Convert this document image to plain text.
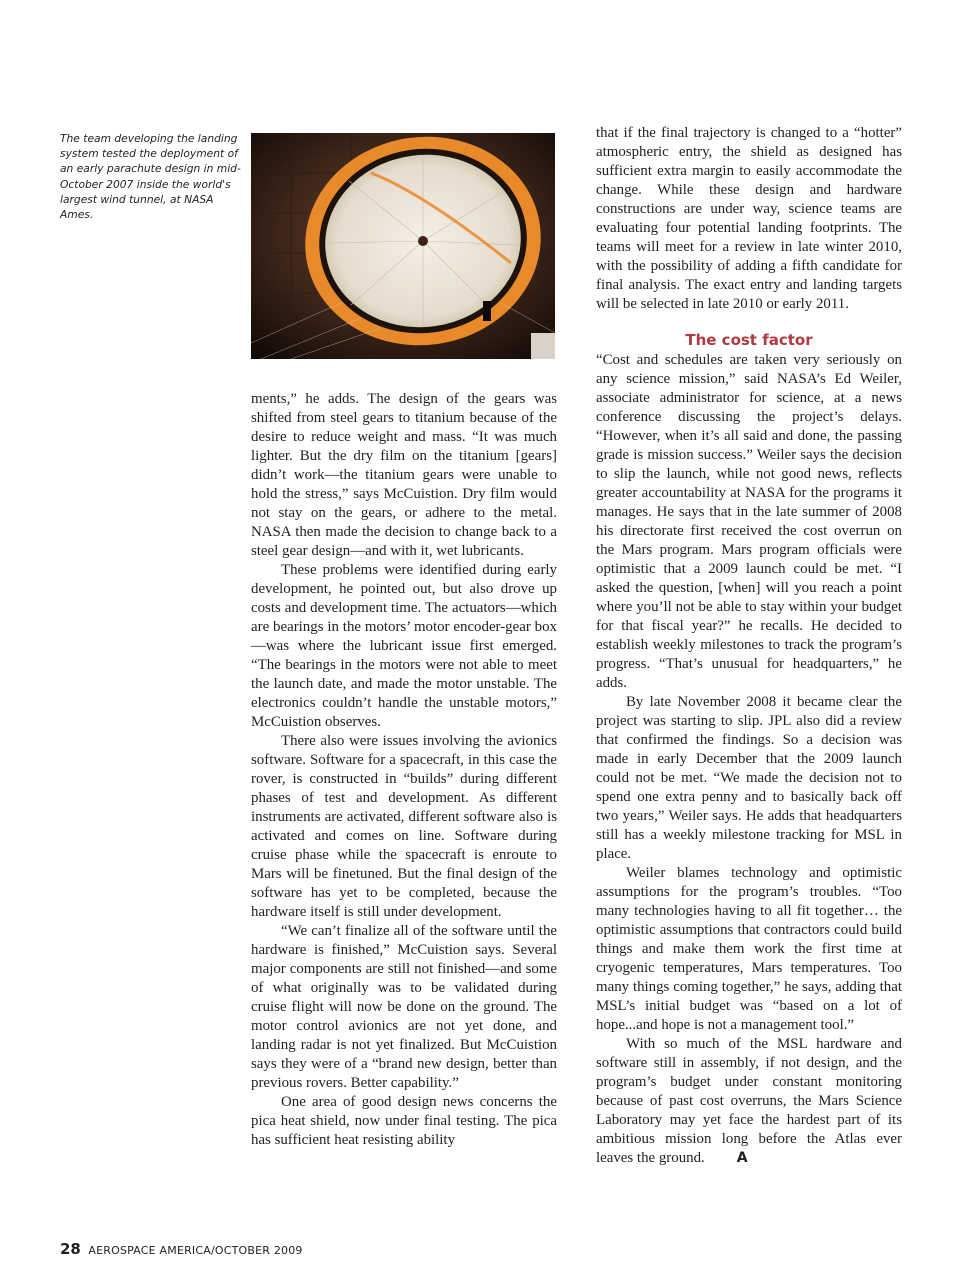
The team developing the landing system tested the deployment of an early parachute design in mid-October 2007 inside the world's largest wind tunnel, at NASA Ames.

ments,” he adds. The design of the gears was shifted from steel gears to titanium because of the desire to reduce weight and mass. “It was much lighter. But the dry film on the titanium [gears] didn’t work—the titanium gears were unable to hold the stress,” says McCuistion. Dry film would not stay on the gears, or adhere to the metal. NASA then made the decision to change back to a steel gear design—and with it, wet lubricants.

These problems were identified during early development, he pointed out, but also drove up costs and development time. The actuators—which are bearings in the motors’ motor encoder-gear box—was where the lubricant issue first emerged. “The bearings in the motors were not able to meet the launch date, and made the motor unstable. The electronics couldn’t handle the unstable motors,” McCuistion observes.

There also were issues involving the avionics software. Software for a spacecraft, in this case the rover, is constructed in “builds” during different phases of test and development. As different instruments are activated, different software also is activated and comes on line. Software during cruise phase while the spacecraft is enroute to Mars will be finetuned. But the final design of the software has yet to be completed, because the hardware itself is still under development.

“We can’t finalize all of the software until the hardware is finished,” McCuistion says. Several major components are still not finished—and some of what originally was to be validated during cruise flight will now be done on the ground. The motor control avionics are not yet done, and landing radar is not yet finalized. But McCuistion says they were of a “brand new design, better than previous rovers. Better capability.”

One area of good design news concerns the pica heat shield, now under final testing. The pica has sufficient heat resisting ability

that if the final trajectory is changed to a “hotter” atmospheric entry, the shield as designed has sufficient extra margin to easily accommodate the change. While these design and hardware constructions are under way, science teams are evaluating four potential landing footprints. The teams will meet for a review in late winter 2010, with the possibility of adding a fifth candidate for final analysis. The exact entry and landing targets will be selected in late 2010 or early 2011.

The cost factor

“Cost and schedules are taken very seriously on any science mission,” said NASA’s Ed Weiler, associate administrator for science, at a news conference discussing the project’s delays. “However, when it’s all said and done, the passing grade is mission success.” Weiler says the decision to slip the launch, while not good news, reflects greater accountability at NASA for the programs it manages. He says that in the late summer of 2008 his directorate first received the cost overrun on the Mars program. Mars program officials were optimistic that a 2009 launch could be met. “I asked the question, [when] will you reach a point where you’ll not be able to stay within your budget for that fiscal year?” he recalls. He decided to establish weekly milestones to track the program’s progress. “That’s unusual for headquarters,” he adds.

By late November 2008 it became clear the project was starting to slip. JPL also did a review that confirmed the findings. So a decision was made in early December that the 2009 launch could not be met. “We made the decision not to spend one extra penny and to basically back off two years,” Weiler says. He adds that headquarters still has a weekly milestone tracking for MSL in place.

Weiler blames technology and optimistic assumptions for the program’s troubles. “Too many technologies having to all fit together… the optimistic assumptions that contractors could build things and make them work the first time at cryogenic temperatures, Mars temperatures. Too many things coming together,” he says, adding that MSL’s initial budget was “based on a lot of hope...and hope is not a management tool.”

With so much of the MSL hardware and software still in assembly, if not design, and the program’s budget under constant monitoring because of past cost overruns, the Mars Science Laboratory may yet face the hardest part of its ambitious mission long before the Atlas ever leaves the ground. A

28 AEROSPACE AMERICA/OCTOBER 2009
